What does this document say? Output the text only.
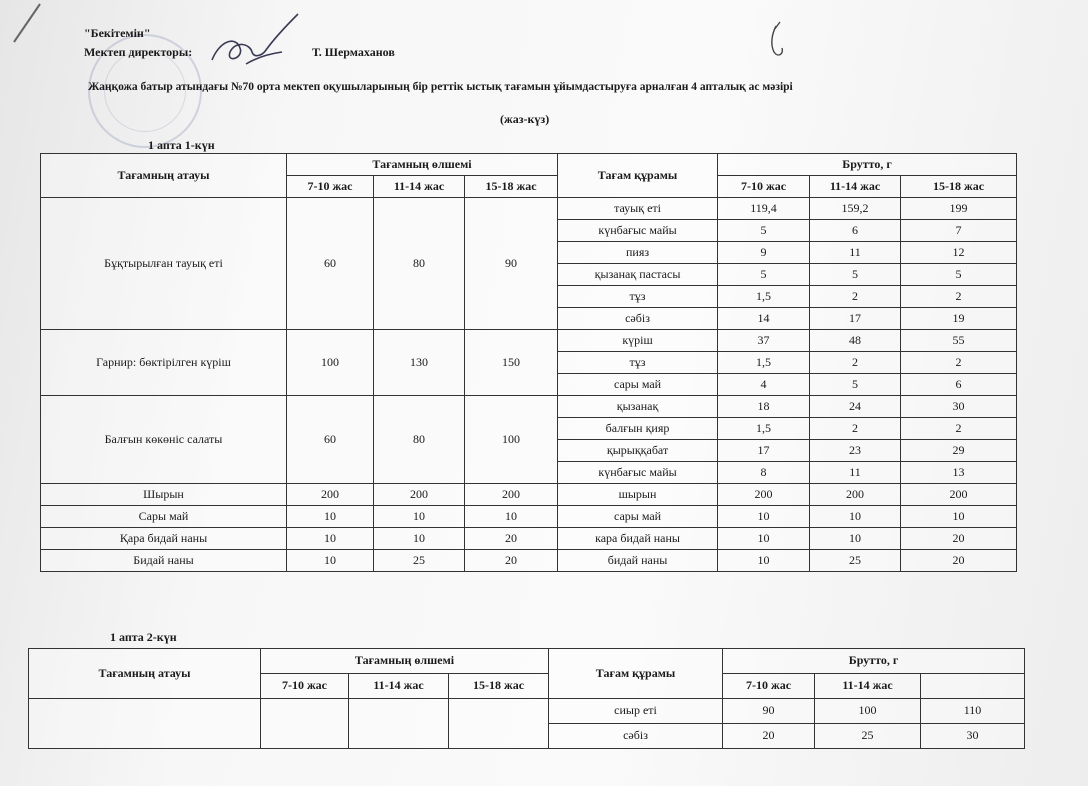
"Бекітемін"
Мектеп директоры:	Т. Шермаханов
Жаңқожа батыр атындағы №70 орта мектеп оқушыларының бір реттік ыстық тағамын ұйымдастыруға арналған 4 апталық ас мәзірі
(жаз-күз)
1 апта 1-күн
Тағамның атауы	Тағамның өлшемі			Тағам құрамы	Брутто, г		
	7-10 жас	11-14 жас	15-18 жас		7-10 жас	11-14 жас	15-18 жас
Бұқтырылған тауық еті	60	80	90	тауық еті	119,4	159,2	199
				күнбағыс майы	5	6	7
				пияз	9	11	12
				қызанақ пастасы	5	5	5
				тұз	1,5	2	2
				сәбіз	14	17	19
Гарнир: бөктірілген күріш	100	130	150	күріш	37	48	55
				тұз	1,5	2	2
				сары май	4	5	6
Балғын көкөніс салаты	60	80	100	қызанақ	18	24	30
				балғын қияр	1,5	2	2
				қырыққабат	17	23	29
				күнбағыс майы	8	11	13
Шырын	200	200	200	шырын	200	200	200
Сары май	10	10	10	сары май	10	10	10
Қара бидай наны	10	10	20	кара бидай наны	10	10	20
Бидай наны	10	25	20	бидай наны	10	25	20
1 апта 2-күн
Тағамның атауы	Тағамның өлшемі			Тағам құрамы	Брутто, г		
	7-10 жас	11-14 жас	15-18 жас		7-10 жас	11-14 жас	
				сиыр еті	90	100	110
				сәбіз	20	25	30
